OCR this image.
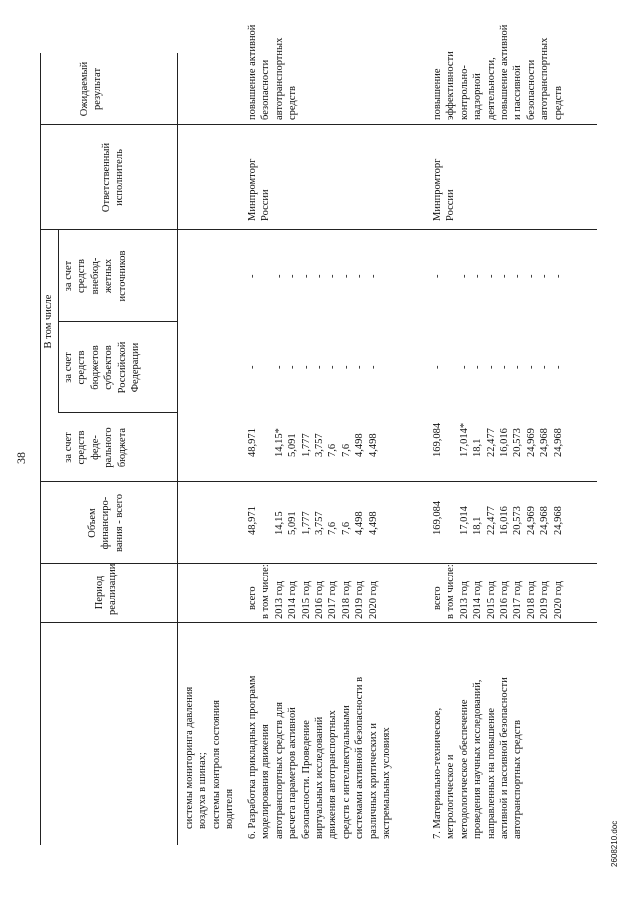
38
Период реализации
Объем финансиро- вания - всего
В том числе
за счет средств феде- рального бюджета
за счет средств бюджетов субъектов Российской Федерации
за счет средств внебюд- жетных источников
Ответственный исполнитель
Ожидаемый результат
системы мониторинга давления воздуха в шинах; системы контроля состояния водителя 6. Разработка прикладных программ моделирования движения автотранспортных средств для расчета параметров активной безопасности. Проведение виртуальных исследований движения автотранспортных средств с интеллектуальными системами активной безопасности в различных критических и экстремальных условиях
всего в том числе: 2013 год 2014 год 2015 год 2016 год 2017 год 2018 год 2019 год 2020 год
48,971 14,15 5,091 1,777 3,757 7,6 7,6 4,498 4,498
48,971 14,15* 5,091 1,777 3,757 7,6 7,6 4,498 4,498
- - - - - - - - -
- - - - - - - - -
Минпромторг России
повышение активной безопасности автотранспортных средств
7. Материально-техническое, метрологическое и методологическое обеспечение проведения научных исследований, направленных на повышение активной и пассивной безопасности автотранспортных средств
всего в том числе: 2013 год 2014 год 2015 год 2016 год 2017 год 2018 год 2019 год 2020 год
169,084 17,014 18,1 22,477 16,016 20,573 24,969 24,968 24,968
169,084 17,014* 18,1 22,477 16,016 20,573 24,969 24,968 24,968
- - - - - - - - -
- - - - - - - - -
Минпромторг России
повышение эффективности контрольно- надзорной деятельности, повышение активной и пассивной безопасности автотранспортных средств
2608210.doc
